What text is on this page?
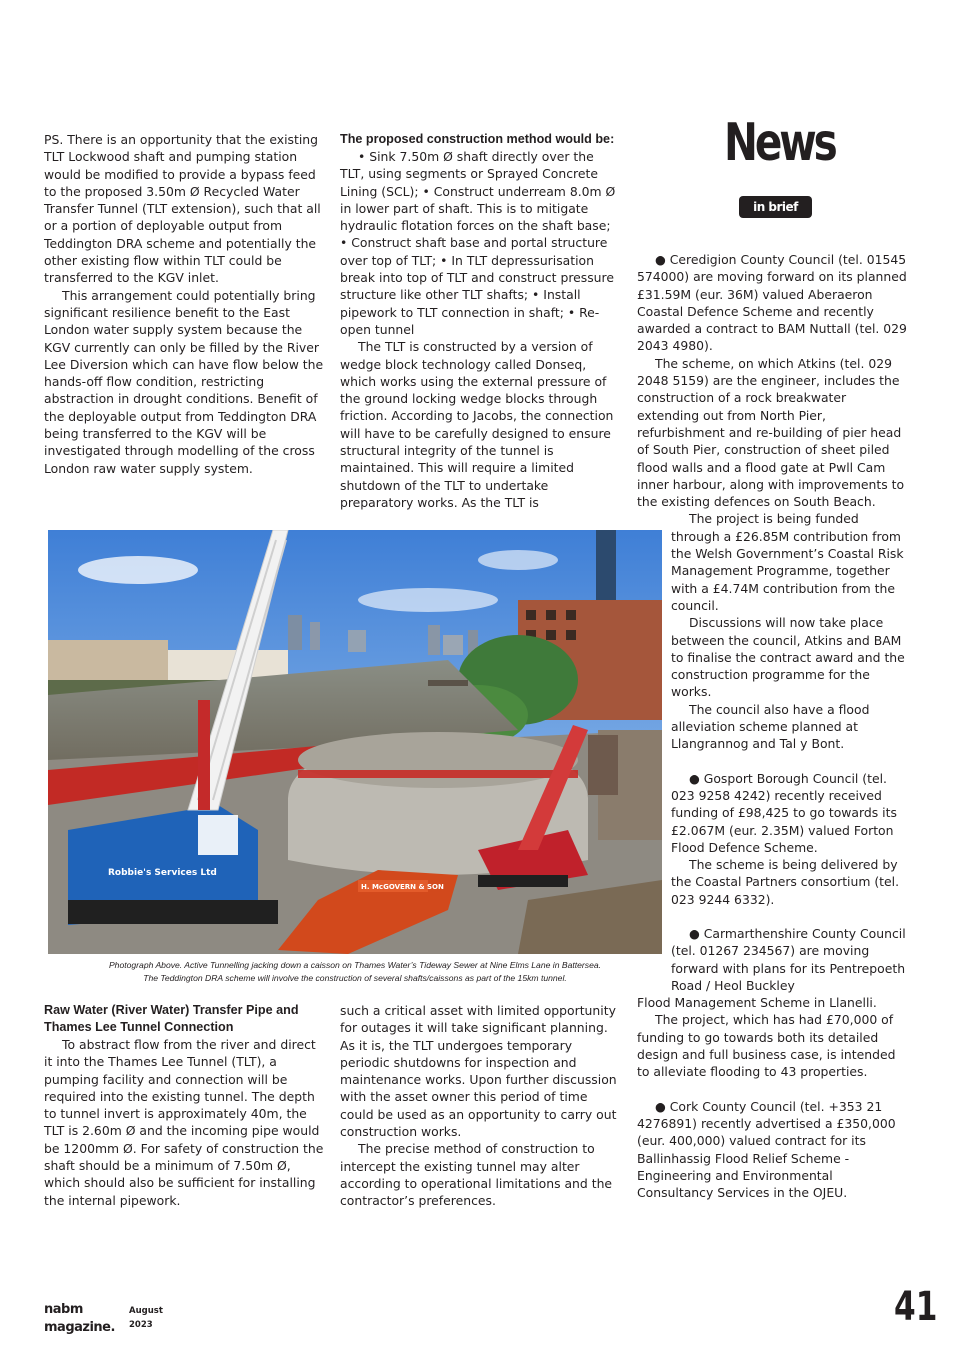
PS. There is an opportunity that the existing TLT Lockwood shaft and pumping station would be modified to provide a bypass feed to the proposed 3.50m Ø Recycled Water Transfer Tunnel (TLT extension), such that all or a portion of deployable output from Teddington DRA scheme and potentially the other existing flow within TLT could be transferred to the KGV inlet.

This arrangement could potentially bring significant resilience benefit to the East London water supply system because the KGV currently can only be filled by the River Lee Diversion which can have flow below the hands-off flow condition, restricting abstraction in drought conditions. Benefit of the deployable output from Teddington DRA being transferred to the KGV will be investigated through modelling of the cross London raw water supply system.

The proposed construction method would be:

• Sink 7.50m Ø shaft directly over the TLT, using segments or Sprayed Concrete Lining (SCL); • Construct underream 8.0m Ø in lower part of shaft. This is to mitigate hydraulic flotation forces on the shaft base; • Construct shaft base and portal structure over top of TLT; • In TLT depressurisation break into top of TLT and construct pressure structure like other TLT shafts; • Install pipework to TLT connection in shaft; • Re-open tunnel

The TLT is constructed by a version of wedge block technology called Donseq, which works using the external pressure of the ground locking wedge blocks through friction. According to Jacobs, the connection will have to be carefully designed to ensure structural integrity of the tunnel is maintained. This will require a limited shutdown of the TLT to undertake preparatory works. As the TLT is

News
in brief

● Ceredigion County Council (tel. 01545 574000) are moving forward on its planned £31.59M (eur. 36M) valued Aberaeron Coastal Defence Scheme and recently awarded a contract to BAM Nuttall (tel. 029 2043 4980).

The scheme, on which Atkins (tel. 029 2048 5159) are the engineer, includes the construction of a rock breakwater extending out from North Pier, refurbishment and re-building of pier head of South Pier, construction of sheet piled flood walls and a flood gate at Pwll Cam inner harbour, along with improvements to the existing defences on South Beach.

The project is being funded through a £26.85M contribution from the Welsh Government’s Coastal Risk Management Programme, together with a £4.74M contribution from the council.

Discussions will now take place between the council, Atkins and BAM to finalise the contract award and the construction programme for the works.

The council also have a flood alleviation scheme planned at Llangrannog and Tal y Bont.

● Gosport Borough Council (tel. 023 9258 4242) recently received funding of £98,425 to go towards its £2.067M (eur. 2.35M) valued Forton Flood Defence Scheme.

The scheme is being delivered by the Coastal Partners consortium (tel. 023 9244 6332).

● Carmarthenshire County Council (tel. 01267 234567) are moving forward with plans for its Pentrepoeth Road / Heol Buckley

Flood Management Scheme in Llanelli.

The project, which has had £70,000 of funding to go towards both its detailed design and full business case, is intended to alleviate flooding to 43 properties.

● Cork County Council (tel. +353 21 4276891) recently advertised a £350,000 (eur. 400,000) valued contract for its Ballinhassig Flood Relief Scheme - Engineering and Environmental Consultancy Services in the OJEU.

Robbie's Services Ltd
H. McGOVERN & SON
Photograph Above. Active Tunnelling jacking down a caisson on Thames Water’s Tideway Sewer at Nine Elms Lane in Battersea.
The Teddington DRA scheme will involve the construction of several shafts/caissons as part of the 15km tunnel.

Raw Water (River Water) Transfer Pipe and Thames Lee Tunnel Connection

To abstract flow from the river and direct it into the Thames Lee Tunnel (TLT), a pumping facility and connection will be required into the existing tunnel. The depth to tunnel invert is approximately 40m, the TLT is 2.60m Ø and the incoming pipe would be 1200mm Ø. For safety of construction the shaft should be a minimum of 7.50m Ø, which should also be sufficient for installing the internal pipework.

such a critical asset with limited opportunity for outages it will take significant planning. As it is, the TLT undergoes temporary periodic shutdowns for inspection and maintenance works. Upon further discussion with the asset owner this period of time could be used as an opportunity to carry out construction works.

The precise method of construction to intercept the existing tunnel may alter according to operational limitations and the contractor’s preferences.

nabm magazine.
August 2023	41
